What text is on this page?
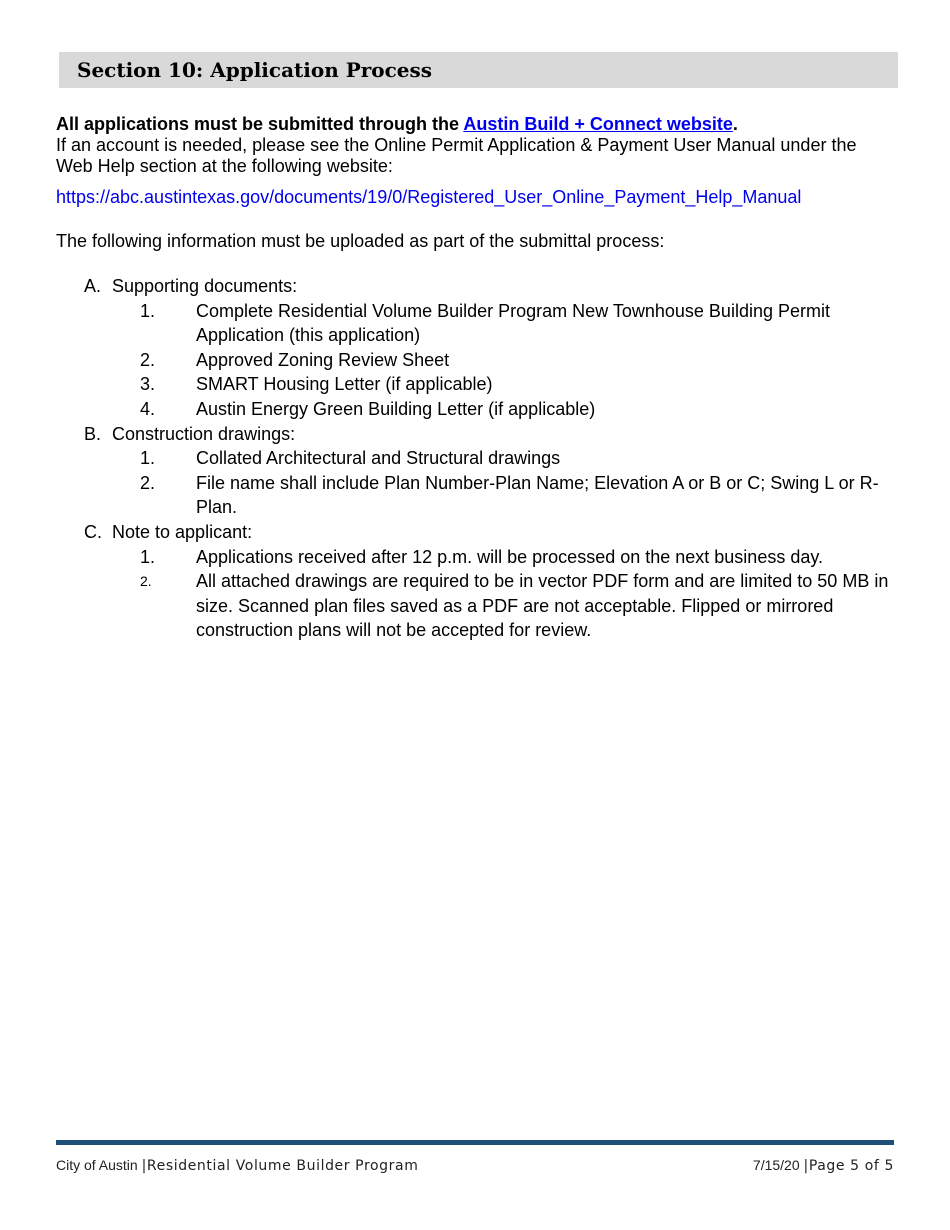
Section 10: Application Process
All applications must be submitted through the Austin Build + Connect website.
If an account is needed, please see the Online Permit Application & Payment User Manual under the Web Help section at the following website:
https://abc.austintexas.gov/documents/19/0/Registered_User_Online_Payment_Help_Manual
The following information must be uploaded as part of the submittal process:
A. Supporting documents:
1. Complete Residential Volume Builder Program New Townhouse Building Permit Application (this application)
2. Approved Zoning Review Sheet
3. SMART Housing Letter (if applicable)
4. Austin Energy Green Building Letter (if applicable)
B. Construction drawings:
1. Collated Architectural and Structural drawings
2. File name shall include Plan Number-Plan Name; Elevation A or B or C; Swing L or R-Plan.
C. Note to applicant:
1. Applications received after 12 p.m. will be processed on the next business day.
2. All attached drawings are required to be in vector PDF form and are limited to 50 MB in size. Scanned plan files saved as a PDF are not acceptable. Flipped or mirrored construction plans will not be accepted for review.
City of Austin |Residential Volume Builder Program	7/15/20 |Page 5 of 5
